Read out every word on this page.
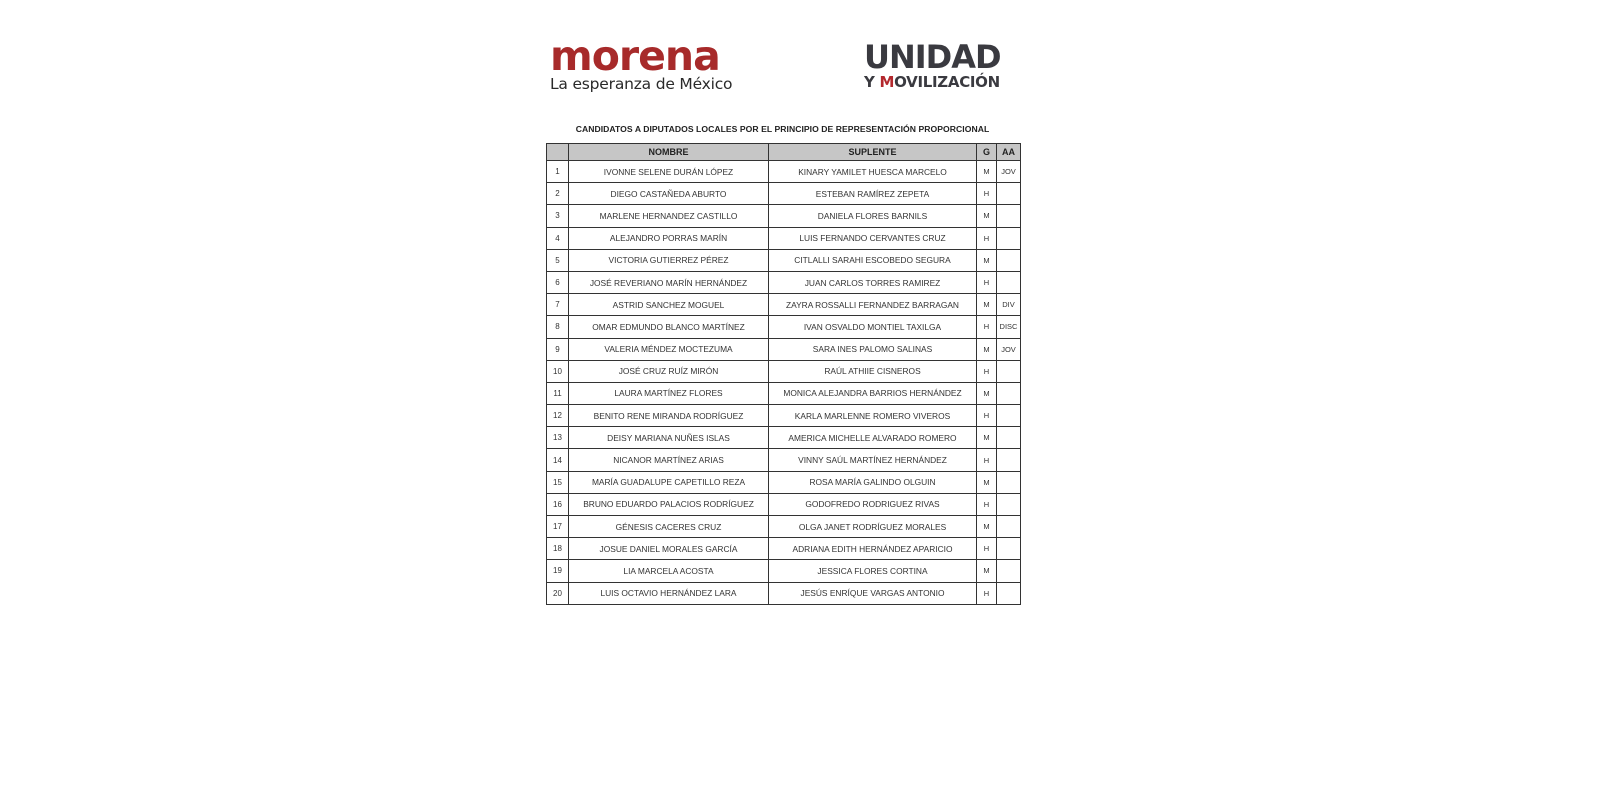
morena
La esperanza de México
UNIDAD
Y MOVILIZACIÓN
CANDIDATOS A DIPUTADOS LOCALES POR EL PRINCIPIO DE REPRESENTACIÓN PROPORCIONAL
	NOMBRE	SUPLENTE	G	AA
1	IVONNE SELENE DURÁN LÓPEZ	KINARY YAMILET HUESCA MARCELO	M	JOV
2	DIEGO CASTAÑEDA ABURTO	ESTEBAN RAMÍREZ ZEPETA	H	
3	MARLENE HERNANDEZ CASTILLO	DANIELA FLORES BARNILS	M	
4	ALEJANDRO PORRAS MARÍN	LUIS FERNANDO CERVANTES CRUZ	H	
5	VICTORIA GUTIERREZ PÉREZ	CITLALLI SARAHI ESCOBEDO SEGURA	M	
6	JOSÉ REVERIANO MARÍN HERNÁNDEZ	JUAN CARLOS TORRES RAMIREZ	H	
7	ASTRID SANCHEZ MOGUEL	ZAYRA ROSSALLI FERNANDEZ BARRAGAN	M	DIV
8	OMAR EDMUNDO BLANCO MARTÍNEZ	IVAN OSVALDO MONTIEL TAXILGA	H	DISC
9	VALERIA MÉNDEZ MOCTEZUMA	SARA INES PALOMO SALINAS	M	JOV
10	JOSÉ CRUZ RUÍZ MIRÓN	RAÚL ATHIIE CISNEROS	H	
11	LAURA MARTÍNEZ FLORES	MONICA ALEJANDRA BARRIOS HERNÁNDEZ	M	
12	BENITO RENE MIRANDA RODRÍGUEZ	KARLA MARLENNE ROMERO VIVEROS	H	
13	DEISY MARIANA NUÑES ISLAS	AMERICA MICHELLE ALVARADO ROMERO	M	
14	NICANOR MARTÍNEZ ARIAS	VINNY SAÚL MARTÍNEZ HERNÁNDEZ	H	
15	MARÍA GUADALUPE CAPETILLO REZA	ROSA MARÍA GALINDO OLGUIN	M	
16	BRUNO EDUARDO PALACIOS RODRÍGUEZ	GODOFREDO RODRIGUEZ RIVAS	H	
17	GÉNESIS CACERES CRUZ	OLGA JANET RODRÍGUEZ MORALES	M	
18	JOSUE DANIEL MORALES GARCÍA	ADRIANA EDITH HERNÁNDEZ APARICIO	H	
19	LIA MARCELA ACOSTA	JESSICA FLORES CORTINA	M	
20	LUIS OCTAVIO HERNÁNDEZ LARA	JESÚS ENRÍQUE VARGAS ANTONIO	H	
